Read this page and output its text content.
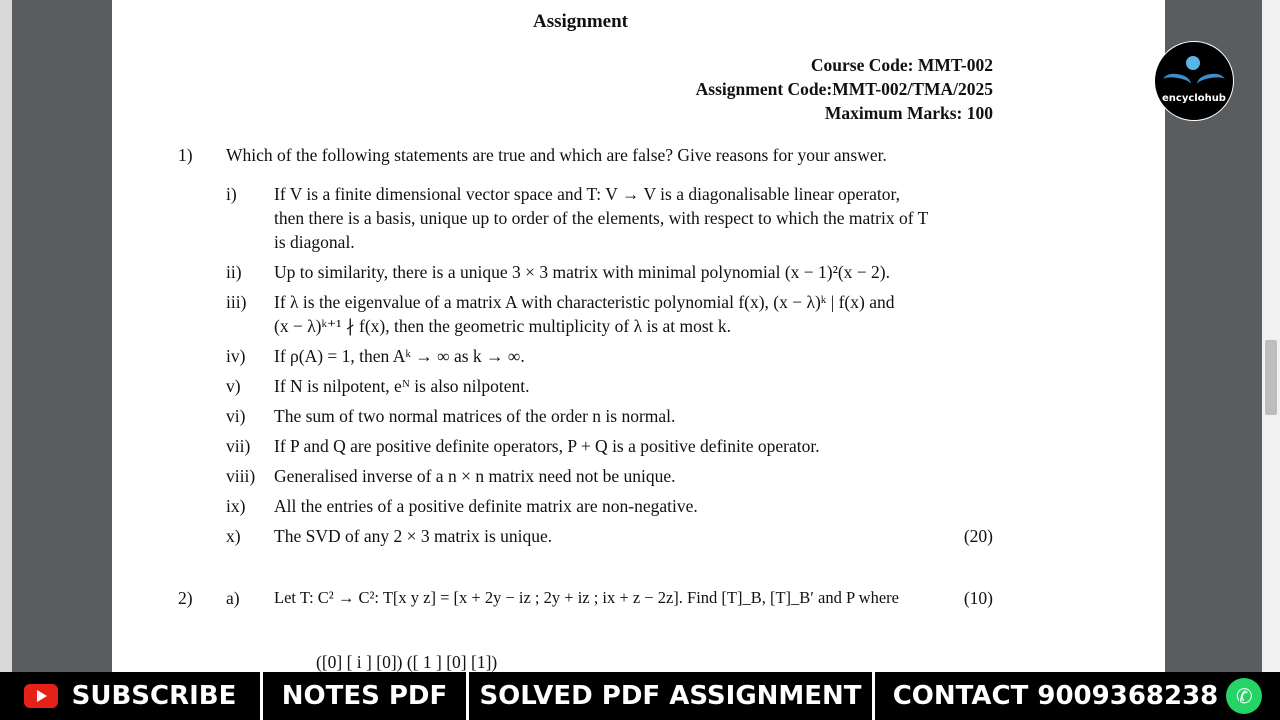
Assignment
Course Code: MMT-002
Assignment Code:MMT-002/TMA/2025
Maximum Marks: 100
1) Which of the following statements are true and which are false? Give reasons for your answer.
i) If V is a finite dimensional vector space and T: V → V is a diagonalisable linear operator,
then there is a basis, unique up to order of the elements, with respect to which the matrix of T
is diagonal.
ii) Up to similarity, there is a unique 3 × 3 matrix with minimal polynomial (x − 1)²(x − 2).
iii) If λ is the eigenvalue of a matrix A with characteristic polynomial f(x), (x − λ)ᵏ | f(x) and
(x − λ)ᵏ⁺¹ ∤ f(x), then the geometric multiplicity of λ is at most k.
iv) If ρ(A) = 1, then Aᵏ → ∞ as k → ∞.
v) If N is nilpotent, eᴺ is also nilpotent.
vi) The sum of two normal matrices of the order n is normal.
vii) If P and Q are positive definite operators, P + Q is a positive definite operator.
viii) Generalised inverse of a n × n matrix need not be unique.
ix) All the entries of a positive definite matrix are non-negative.
x) The SVD of any 2 × 3 matrix is unique.	(20)
2) a) Let T: C² → C²: T[x y z] = [x + 2y − iz ; 2y + iz ; ix + z − 2z]. Find [T]_B, [T]_B′ and P where	(10)
([0] [ i ] [0]) ([ 1 ] [0] [1])
encyclohub
SUBSCRIBE NOTES PDF SOLVED PDF ASSIGNMENT CONTACT 9009368238 ✆
